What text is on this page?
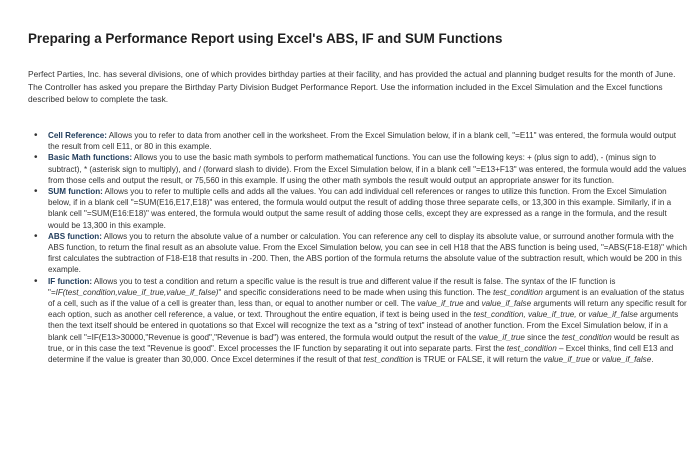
Preparing a Performance Report using Excel's ABS, IF and SUM Functions

Perfect Parties, Inc. has several divisions, one of which provides birthday parties at their facility, and has provided the actual and planning budget results for the month of June. The Controller has asked you prepare the Birthday Party Division Budget Performance Report. Use the information included in the Excel Simulation and the Excel functions described below to complete the task.

• Cell Reference: Allows you to refer to data from another cell in the worksheet. From the Excel Simulation below, if in a blank cell, "=E11" was entered, the formula would output the result from cell E11, or 80 in this example.
• Basic Math functions: Allows you to use the basic math symbols to perform mathematical functions. You can use the following keys: + (plus sign to add), - (minus sign to subtract), * (asterisk sign to multiply), and / (forward slash to divide). From the Excel Simulation below, if in a blank cell "=E13+F13" was entered, the formula would add the values from those cells and output the result, or 75,560 in this example. If using the other math symbols the result would output an appropriate answer for its function.
• SUM function: Allows you to refer to multiple cells and adds all the values. You can add individual cell references or ranges to utilize this function. From the Excel Simulation below, if in a blank cell "=SUM(E16,E17,E18)" was entered, the formula would output the result of adding those three separate cells, or 13,300 in this example. Similarly, if in a blank cell "=SUM(E16:E18)" was entered, the formula would output the same result of adding those cells, except they are expressed as a range in the formula, and the result would be 13,300 in this example.
• ABS function: Allows you to return the absolute value of a number or calculation. You can reference any cell to display its absolute value, or surround another formula with the ABS function, to return the final result as an absolute value. From the Excel Simulation below, you can see in cell H18 that the ABS function is being used, "=ABS(F18-E18)" which first calculates the subtraction of F18-E18 that results in -200. Then, the ABS portion of the formula returns the absolute value of the subtraction result, which would be 200 in this example.
• IF function: Allows you to test a condition and return a specific value is the result is true and different value if the result is false. The syntax of the IF function is "=IF(test_condition,value_if_true,value_if_false)" and specific considerations need to be made when using this function. The test_condition argument is an evaluation of the status of a cell, such as if the value of a cell is greater than, less than, or equal to another number or cell. The value_if_true and value_if_false arguments will return any specific result for each option, such as another cell reference, a value, or text. Throughout the entire equation, if text is being used in the test_condition, value_if_true, or value_if_false arguments then the text itself should be entered in quotations so that Excel will recognize the text as a "string of text" instead of another function. From the Excel Simulation below, if in a blank cell "=IF(E13>30000,"Revenue is good","Revenue is bad") was entered, the formula would output the result of the value_if_true since the test_condition would be result as true, or in this case the text "Revenue is good". Excel processes the IF function by separating it out into separate parts. First the test_condition – Excel thinks, find cell E13 and determine if the value is greater than 30,000. Once Excel determines if the result of that test_condition is TRUE or FALSE, it will return the value_if_true or value_if_false.
